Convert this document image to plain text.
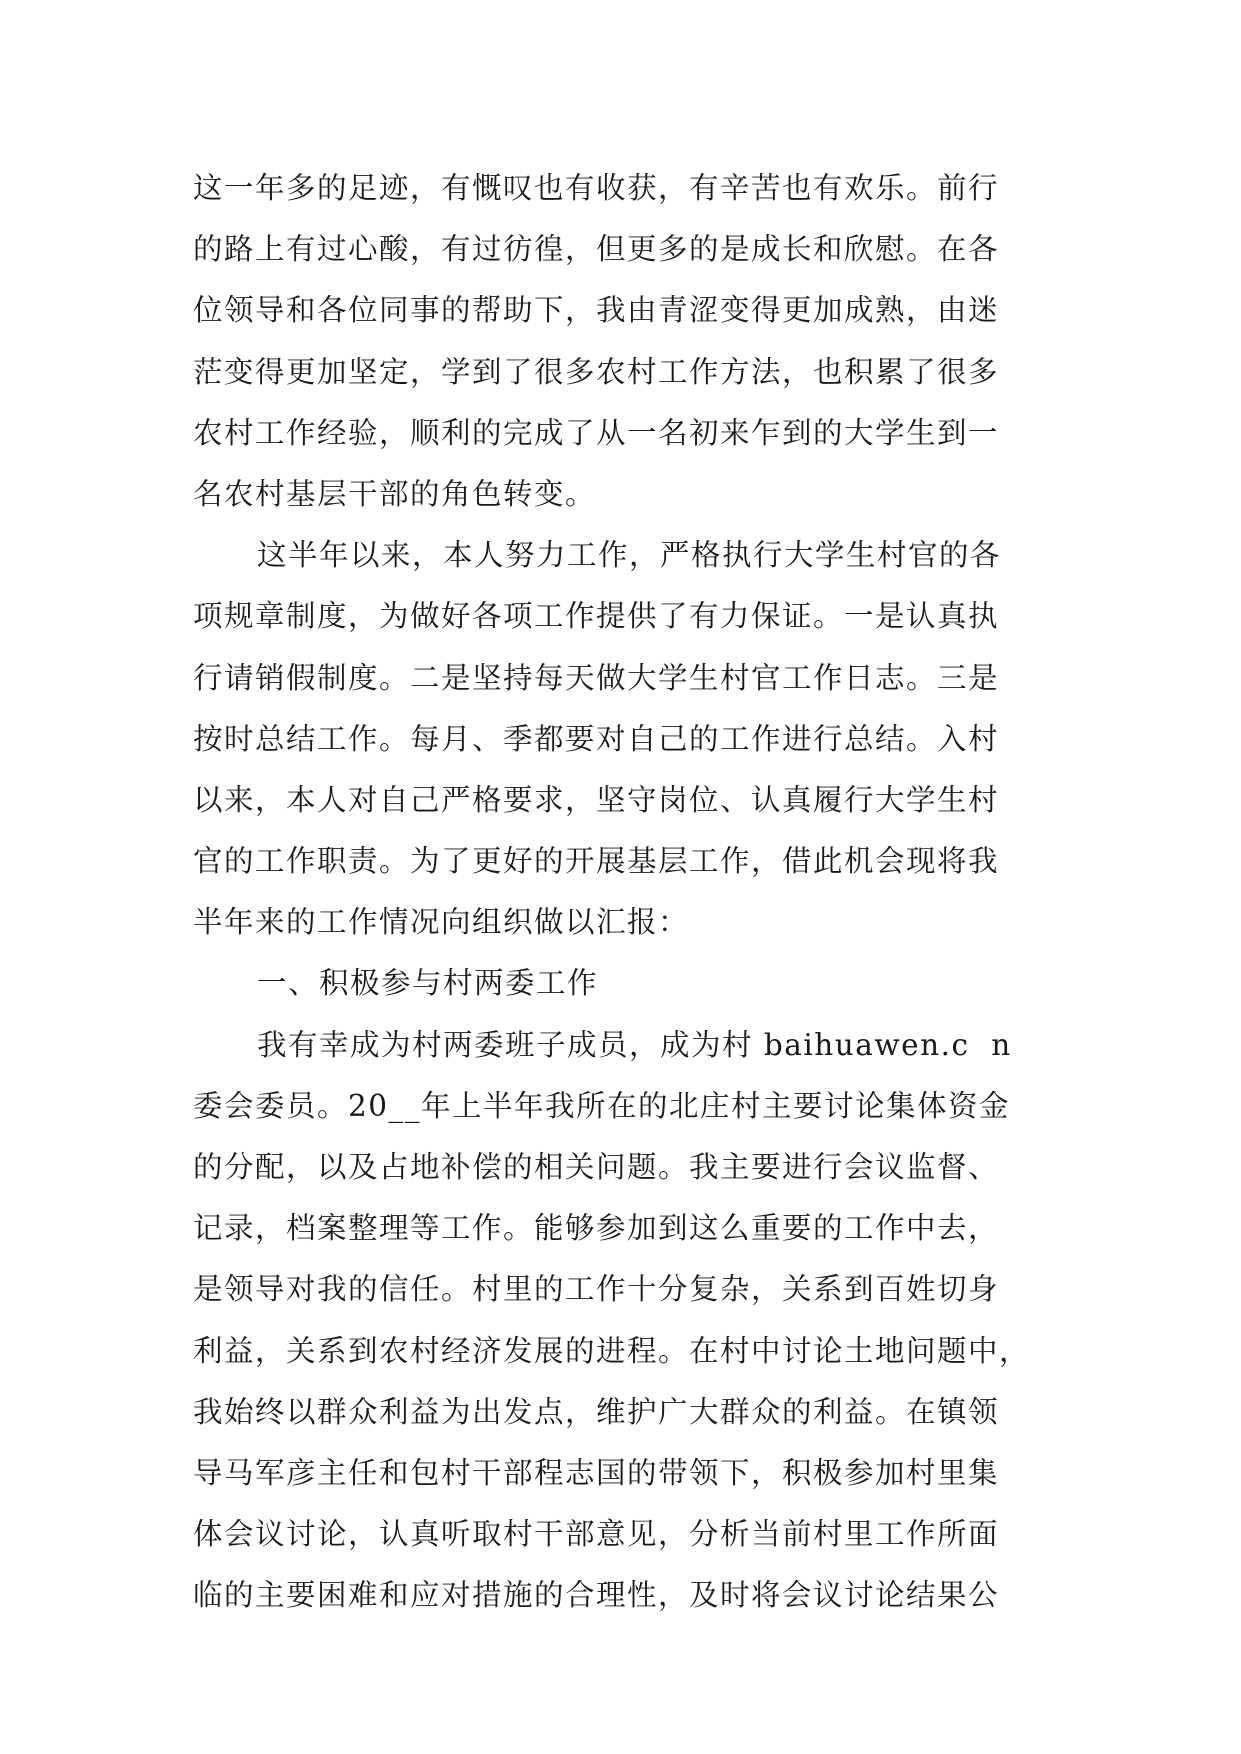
这一年多的足迹，有慨叹也有收获，有辛苦也有欢乐。前行
的路上有过心酸，有过彷徨，但更多的是成长和欣慰。在各
位领导和各位同事的帮助下，我由青涩变得更加成熟，由迷
茫变得更加坚定，学到了很多农村工作方法，也积累了很多
农村工作经验，顺利的完成了从一名初来乍到的大学生到一
名农村基层干部的角色转变。
这半年以来，本人努力工作，严格执行大学生村官的各
项规章制度，为做好各项工作提供了有力保证。一是认真执
行请销假制度。二是坚持每天做大学生村官工作日志。三是
按时总结工作。每月、季都要对自己的工作进行总结。入村
以来，本人对自己严格要求，坚守岗位、认真履行大学生村
官的工作职责。为了更好的开展基层工作，借此机会现将我
半年来的工作情况向组织做以汇报：
一、积极参与村两委工作
我有幸成为村两委班子成员，成为村 baihuawen.c  n
委会委员。20__年上半年我所在的北庄村主要讨论集体资金
的分配，以及占地补偿的相关问题。我主要进行会议监督、
记录，档案整理等工作。能够参加到这么重要的工作中去，
是领导对我的信任。村里的工作十分复杂，关系到百姓切身
利益，关系到农村经济发展的进程。在村中讨论土地问题中，
我始终以群众利益为出发点，维护广大群众的利益。在镇领
导马军彦主任和包村干部程志国的带领下，积极参加村里集
体会议讨论，认真听取村干部意见，分析当前村里工作所面
临的主要困难和应对措施的合理性，及时将会议讨论结果公
